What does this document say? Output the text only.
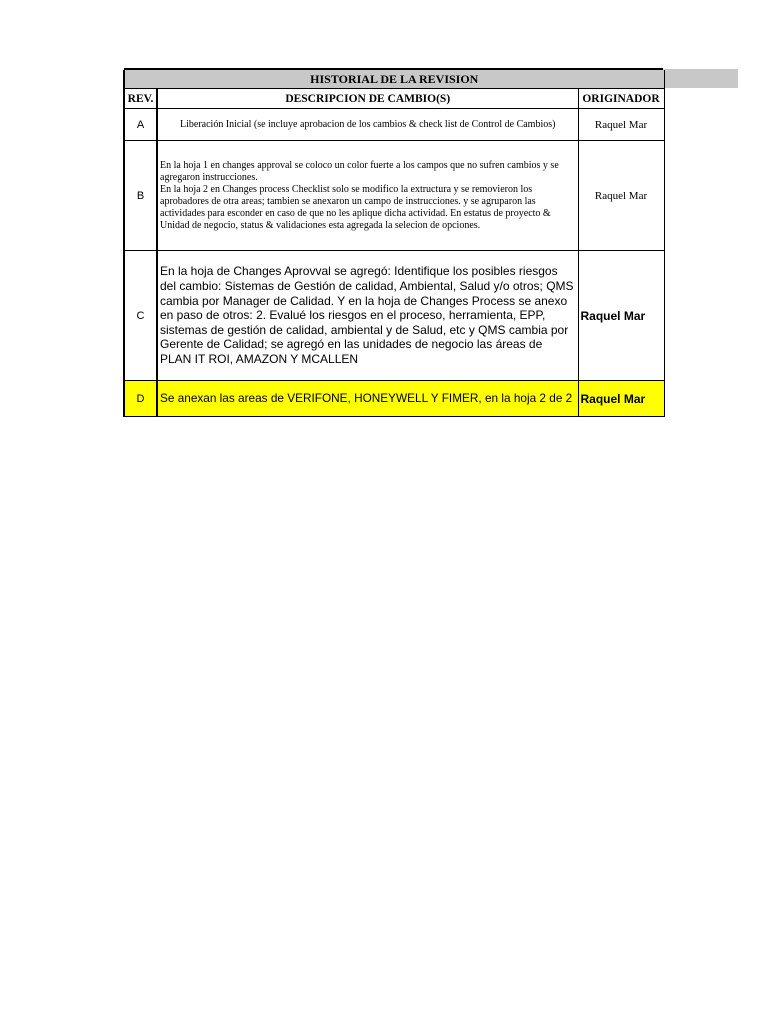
HISTORIAL DE LA REVISION		
REV.	DESCRIPCION DE CAMBIO(S)	ORIGINADOR
A	Liberación Inicial (se incluye aprobacion de los cambios & check list de Control de Cambios)	Raquel Mar
B	En la hoja 1 en changes approval se coloco un color fuerte a los campos que no sufren cambios y se agregaron instrucciones.
En la hoja 2 en Changes process Checklist solo se modifico la extructura y se removieron los aprobadores de otra areas; tambien se anexaron un campo de instrucciones. y se agruparon las actividades para esconder en caso de que no les aplique dicha actividad. En estatus de proyecto & Unidad de negocio, status & validaciones esta agregada la selecion de opciones.	Raquel Mar
C	En la hoja de Changes Aprovval se agregó: Identifique los posibles riesgos del cambio: Sistemas de Gestión de calidad, Ambiental, Salud y/o otros; QMS cambia por Manager de Calidad. Y en la hoja de Changes Process se anexo en paso de otros: 2. Evalué los riesgos en el proceso, herramienta, EPP, sistemas de gestión de calidad, ambiental y de Salud, etc y QMS cambia por Gerente de Calidad; se agregó en las unidades de negocio las áreas de PLAN IT ROI, AMAZON Y MCALLEN	Raquel Mar
D	Se anexan las areas de VERIFONE, HONEYWELL Y FIMER, en la hoja 2 de 2	Raquel Mar
